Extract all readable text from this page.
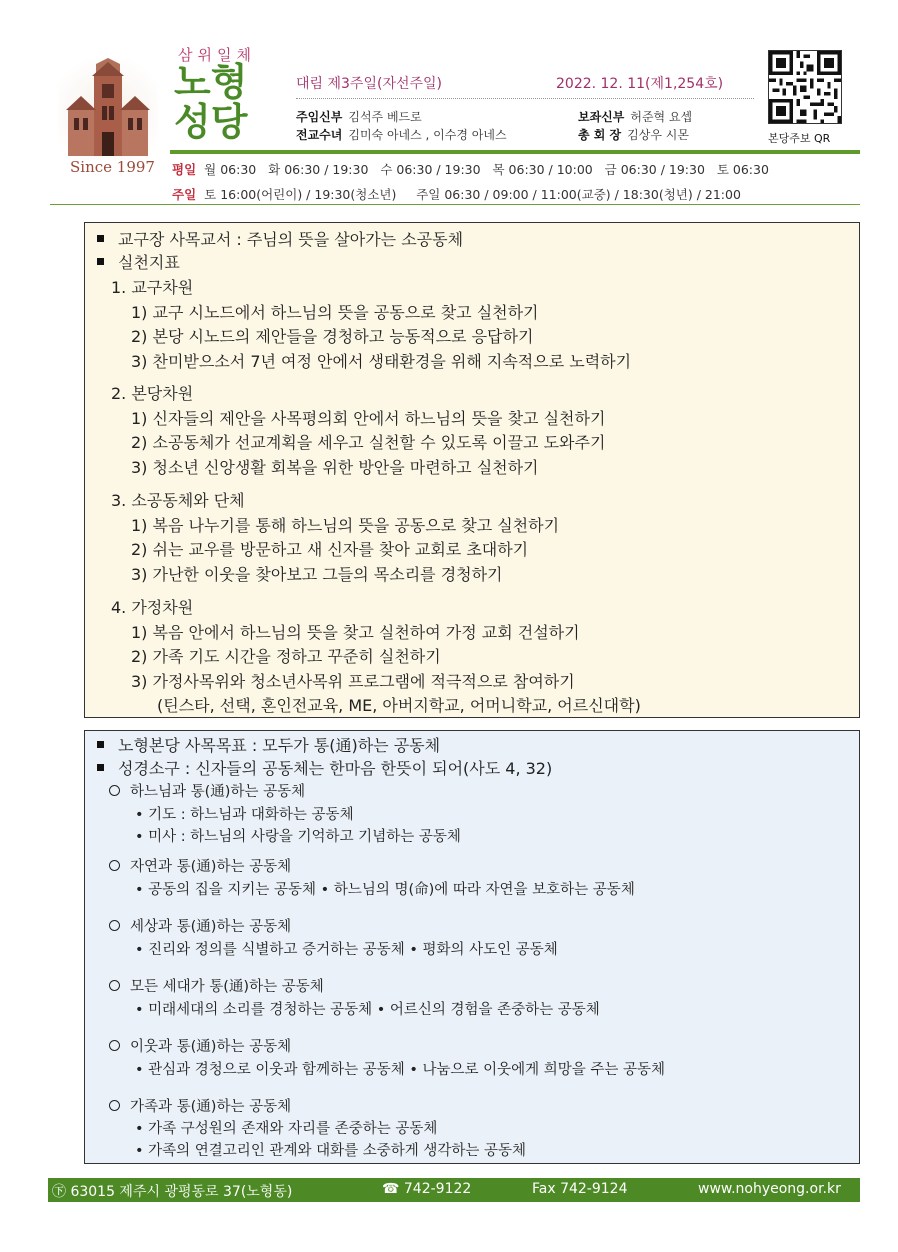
Since 1997
삼위일체
노형
성당
대림 제3주일(자선주일)	2022. 12. 11(제1,254호)
주임신부 김석주 베드로	보좌신부 허준혁 요셉
전교수녀 김미숙 아네스 , 이수경 아네스	총 회 장 김상우 시몬	본당주보 QR
평일 월 06:30   화 06:30 / 19:30   수 06:30 / 19:30   목 06:30 / 10:00   금 06:30 / 19:30   토 06:30
주일 토 16:00(어린이) / 19:30(청소년)     주일 06:30 / 09:00 / 11:00(교중) / 18:30(청년) / 21:00
교구장 사목교서 : 주님의 뜻을 살아가는 소공동체
실천지표
1. 교구차원
1) 교구 시노드에서 하느님의 뜻을 공동으로 찾고 실천하기
2) 본당 시노드의 제안들을 경청하고 능동적으로 응답하기
3) 찬미받으소서 7년 여정 안에서 생태환경을 위해 지속적으로 노력하기
2. 본당차원
1) 신자들의 제안을 사목평의회 안에서 하느님의 뜻을 찾고 실천하기
2) 소공동체가 선교계획을 세우고 실천할 수 있도록 이끌고 도와주기
3) 청소년 신앙생활 회복을 위한 방안을 마련하고 실천하기
3. 소공동체와 단체
1) 복음 나누기를 통해 하느님의 뜻을 공동으로 찾고 실천하기
2) 쉬는 교우를 방문하고 새 신자를 찾아 교회로 초대하기
3) 가난한 이웃을 찾아보고 그들의 목소리를 경청하기
4. 가정차원
1) 복음 안에서 하느님의 뜻을 찾고 실천하여 가정 교회 건설하기
2) 가족 기도 시간을 정하고 꾸준히 실천하기
3) 가정사목위와 청소년사목위 프로그램에 적극적으로 참여하기
(틴스타, 선택, 혼인전교육, ME, 아버지학교, 어머니학교, 어르신대학)
노형본당 사목목표 : 모두가 통(通)하는 공동체
성경소구 : 신자들의 공동체는 한마음 한뜻이 되어(사도 4, 32)
하느님과 통(通)하는 공동체
• 기도 : 하느님과 대화하는 공동체
• 미사 : 하느님의 사랑을 기억하고 기념하는 공동체
자연과 통(通)하는 공동체
• 공동의 집을 지키는 공동체 • 하느님의 명(命)에 따라 자연을 보호하는 공동체
세상과 통(通)하는 공동체
• 진리와 정의를 식별하고 증거하는 공동체 • 평화의 사도인 공동체
모든 세대가 통(通)하는 공동체
• 미래세대의 소리를 경청하는 공동체 • 어르신의 경험을 존중하는 공동체
이웃과 통(通)하는 공동체
• 관심과 경청으로 이웃과 함께하는 공동체 • 나눔으로 이웃에게 희망을 주는 공동체
가족과 통(通)하는 공동체
• 가족 구성원의 존재와 자리를 존중하는 공동체
• 가족의 연결고리인 관계와 대화를 소중하게 생각하는 공동체
㊦ 63015 제주시 광평동로 37(노형동)	☎ 742-9122	Fax 742-9124	www.nohyeong.or.kr
